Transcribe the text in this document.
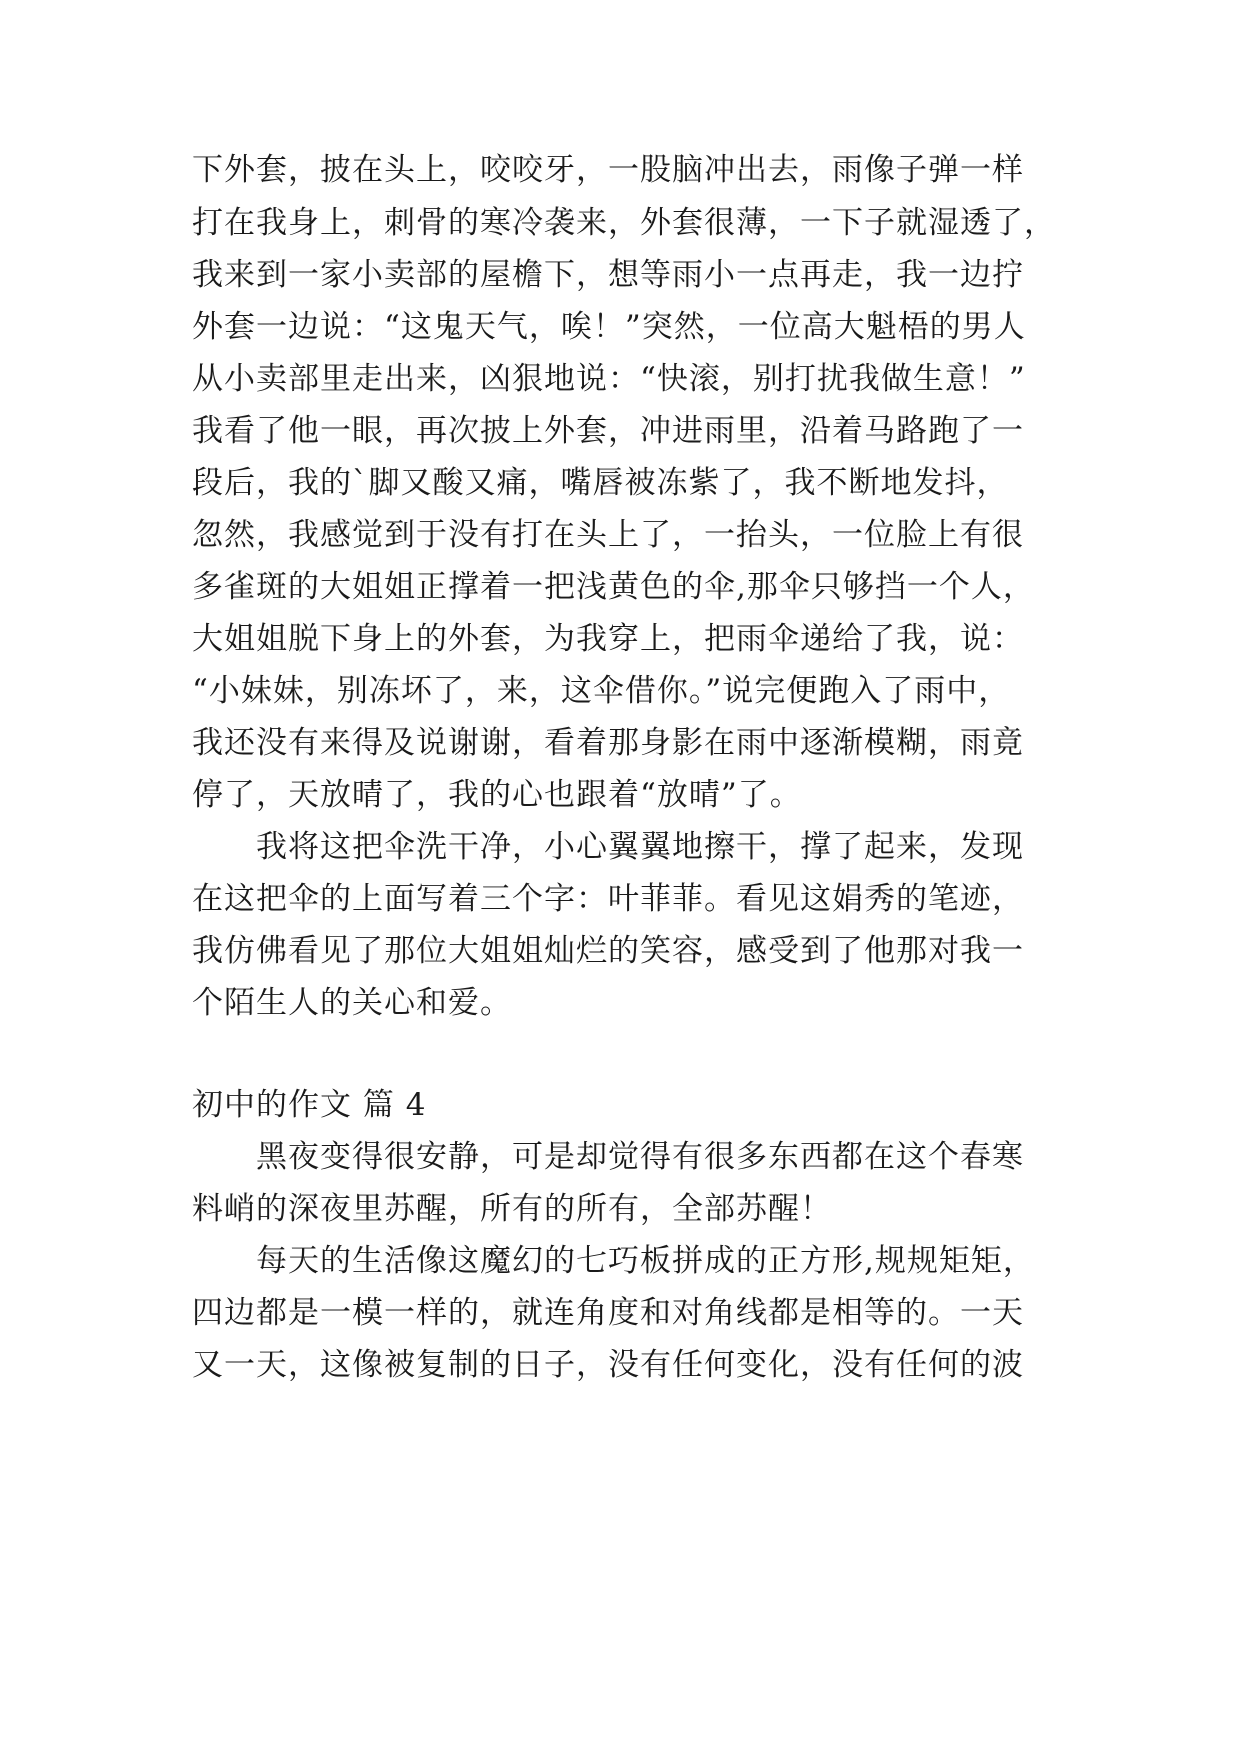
下外套，披在头上，咬咬牙，一股脑冲出去，雨像子弹一样
打在我身上，刺骨的寒冷袭来，外套很薄，一下子就湿透了，
我来到一家小卖部的屋檐下，想等雨小一点再走，我一边拧
外套一边说：“这鬼天气，唉！”突然，一位高大魁梧的男人
从小卖部里走出来，凶狠地说：“快滚，别打扰我做生意！”
我看了他一眼，再次披上外套，冲进雨里，沿着马路跑了一
段后，我的`脚又酸又痛，嘴唇被冻紫了，我不断地发抖，
忽然，我感觉到于没有打在头上了，一抬头，一位脸上有很
多雀斑的大姐姐正撑着一把浅黄色的伞,那伞只够挡一个人，
大姐姐脱下身上的外套，为我穿上，把雨伞递给了我，说：
“小妹妹，别冻坏了，来，这伞借你。”说完便跑入了雨中，
我还没有来得及说谢谢，看着那身影在雨中逐渐模糊，雨竟
停了，天放晴了，我的心也跟着“放晴”了。
我将这把伞洗干净，小心翼翼地擦干，撑了起来，发现
在这把伞的上面写着三个字：叶菲菲。看见这娟秀的笔迹，
我仿佛看见了那位大姐姐灿烂的笑容，感受到了他那对我一
个陌生人的关心和爱。
初中的作文 篇 4
黑夜变得很安静，可是却觉得有很多东西都在这个春寒
料峭的深夜里苏醒，所有的所有，全部苏醒！
每天的生活像这魔幻的七巧板拼成的正方形,规规矩矩，
四边都是一模一样的，就连角度和对角线都是相等的。一天
又一天，这像被复制的日子，没有任何变化，没有任何的波
